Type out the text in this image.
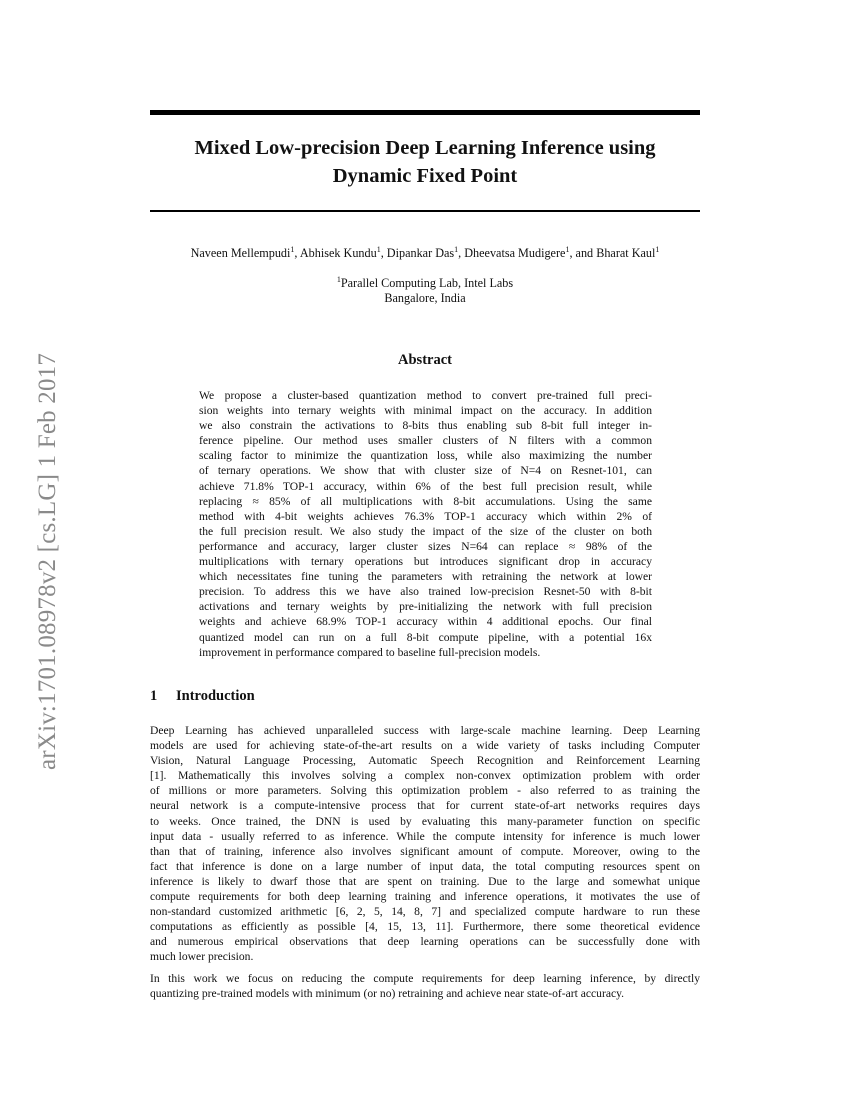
arXiv:1701.08978v2 [cs.LG] 1 Feb 2017
Mixed Low-precision Deep Learning Inference using
Dynamic Fixed Point
Naveen Mellempudi$^1$, Abhisek Kundu$^1$, Dipankar Das$^1$, Dheevatsa Mudigere$^1$, and Bharat Kaul$^1$
$^1$Parallel Computing Lab, Intel Labs
Bangalore, India
Abstract
We propose a cluster-based quantization method to convert pre-trained full preci-
sion weights into ternary weights with minimal impact on the accuracy. In addition
we also constrain the activations to 8-bits thus enabling sub 8-bit full integer in-
ference pipeline. Our method uses smaller clusters of N filters with a common
scaling factor to minimize the quantization loss, while also maximizing the number
of ternary operations. We show that with cluster size of N=4 on Resnet-101, can
achieve 71.8% TOP-1 accuracy, within 6% of the best full precision result, while
replacing ≈ 85% of all multiplications with 8-bit accumulations. Using the same
method with 4-bit weights achieves 76.3% TOP-1 accuracy which within 2% of
the full precision result. We also study the impact of the size of the cluster on both
performance and accuracy, larger cluster sizes N=64 can replace ≈ 98% of the
multiplications with ternary operations but introduces significant drop in accuracy
which necessitates fine tuning the parameters with retraining the network at lower
precision. To address this we have also trained low-precision Resnet-50 with 8-bit
activations and ternary weights by pre-initializing the network with full precision
weights and achieve 68.9% TOP-1 accuracy within 4 additional epochs. Our final
quantized model can run on a full 8-bit compute pipeline, with a potential 16x
improvement in performance compared to baseline full-precision models.
1 Introduction
Deep Learning has achieved unparalleled success with large-scale machine learning. Deep Learning
models are used for achieving state-of-the-art results on a wide variety of tasks including Computer
Vision, Natural Language Processing, Automatic Speech Recognition and Reinforcement Learning
[1]. Mathematically this involves solving a complex non-convex optimization problem with order
of millions or more parameters. Solving this optimization problem - also referred to as training the
neural network is a compute-intensive process that for current state-of-art networks requires days
to weeks. Once trained, the DNN is used by evaluating this many-parameter function on specific
input data - usually referred to as inference. While the compute intensity for inference is much lower
than that of training, inference also involves significant amount of compute. Moreover, owing to the
fact that inference is done on a large number of input data, the total computing resources spent on
inference is likely to dwarf those that are spent on training. Due to the large and somewhat unique
compute requirements for both deep learning training and inference operations, it motivates the use of
non-standard customized arithmetic [6, 2, 5, 14, 8, 7] and specialized compute hardware to run these
computations as efficiently as possible [4, 15, 13, 11]. Furthermore, there some theoretical evidence
and numerous empirical observations that deep learning operations can be successfully done with
much lower precision.
In this work we focus on reducing the compute requirements for deep learning inference, by directly
quantizing pre-trained models with minimum (or no) retraining and achieve near state-of-art accuracy.
